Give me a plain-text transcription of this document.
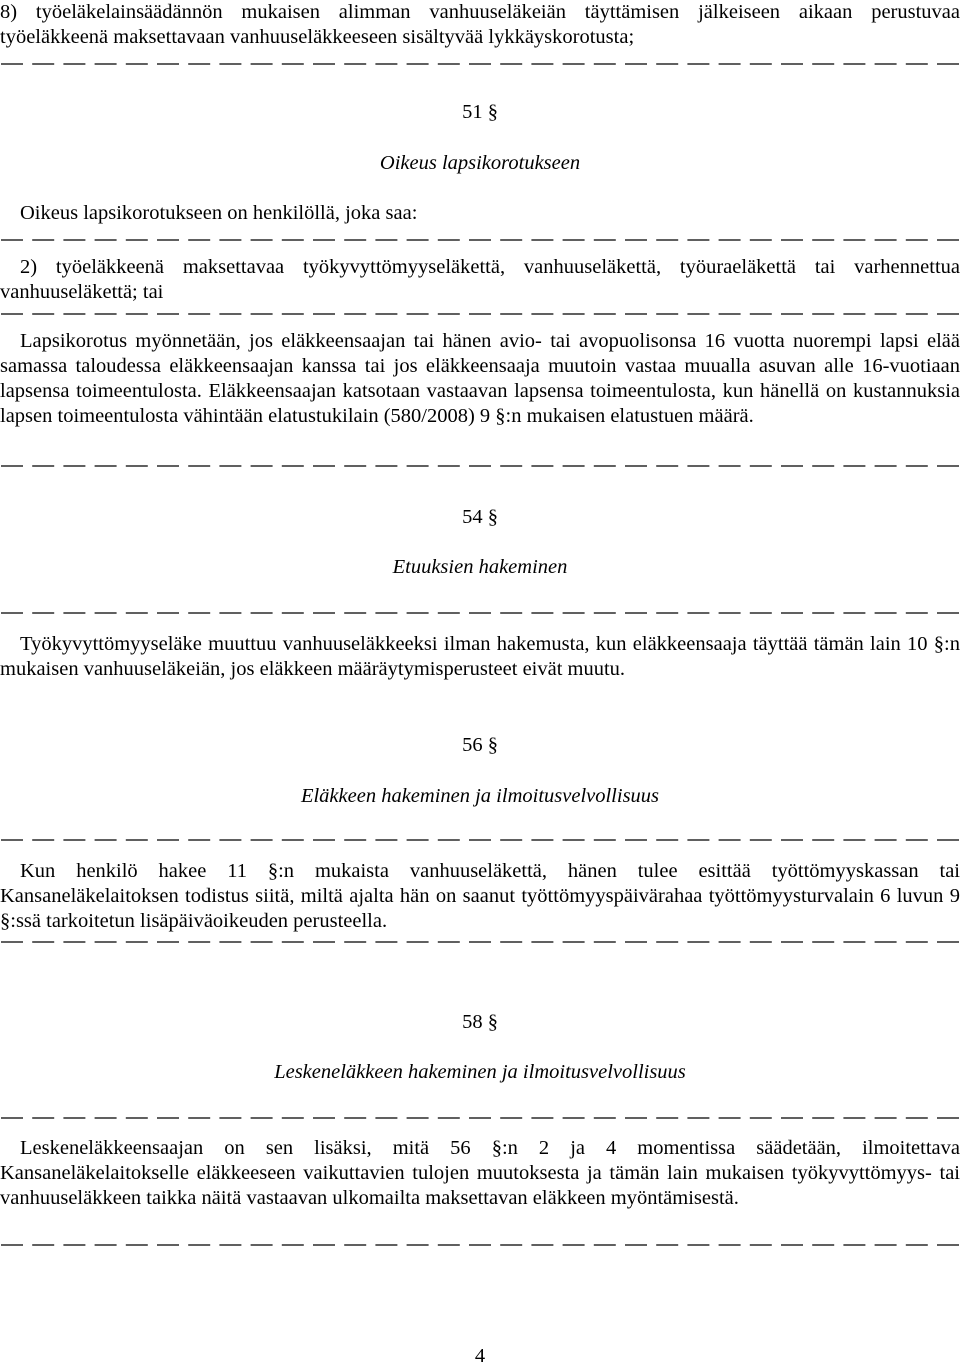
8) työeläkelainsäädännön mukaisen alimman vanhuuseläkeiän täyttämisen jälkeiseen aikaan perustuvaa työeläkkeenä maksettavaan vanhuuseläkkeeseen sisältyvää lykkäyskorotusta;

51 §

Oikeus lapsikorotukseen

Oikeus lapsikorotukseen on henkilöllä, joka saa:

2) työeläkkeenä maksettavaa työkyvyttömyyseläkettä, vanhuuseläkettä, työuraeläkettä tai varhennettua vanhuuseläkettä; tai

Lapsikorotus myönnetään, jos eläkkeensaajan tai hänen avio- tai avopuolisonsa 16 vuotta nuorempi lapsi elää samassa taloudessa eläkkeensaajan kanssa tai jos eläkkeensaaja muutoin vastaa muualla asuvan alle 16-vuotiaan lapsensa toimeentulosta. Eläkkeensaajan katsotaan vastaavan lapsensa toimeentulosta, kun hänellä on kustannuksia lapsen toimeentulosta vähintään elatustukilain (580/2008) 9 §:n mukaisen elatustuen määrä.

54 §

Etuuksien hakeminen

Työkyvyttömyyseläke muuttuu vanhuuseläkkeeksi ilman hakemusta, kun eläkkeensaaja täyttää tämän lain 10 §:n mukaisen vanhuuseläkeiän, jos eläkkeen määräytymisperusteet eivät muutu.

56 §

Eläkkeen hakeminen ja ilmoitusvelvollisuus

Kun henkilö hakee 11 §:n mukaista vanhuuseläkettä, hänen tulee esittää työttömyyskassan tai Kansaneläkelaitoksen todistus siitä, miltä ajalta hän on saanut työttömyyspäivärahaa työttömyysturvalain 6 luvun 9 §:ssä tarkoitetun lisäpäiväoikeuden perusteella.

58 §

Leskeneläkkeen hakeminen ja ilmoitusvelvollisuus

Leskeneläkkeensaajan on sen lisäksi, mitä 56 §:n 2 ja 4 momentissa säädetään, ilmoitettava Kansaneläkelaitokselle eläkkeeseen vaikuttavien tulojen muutoksesta ja tämän lain mukaisen työkyvyttömyys- tai vanhuuseläkkeen taikka näitä vastaavan ulkomailta maksettavan eläkkeen myöntämisestä.

4
